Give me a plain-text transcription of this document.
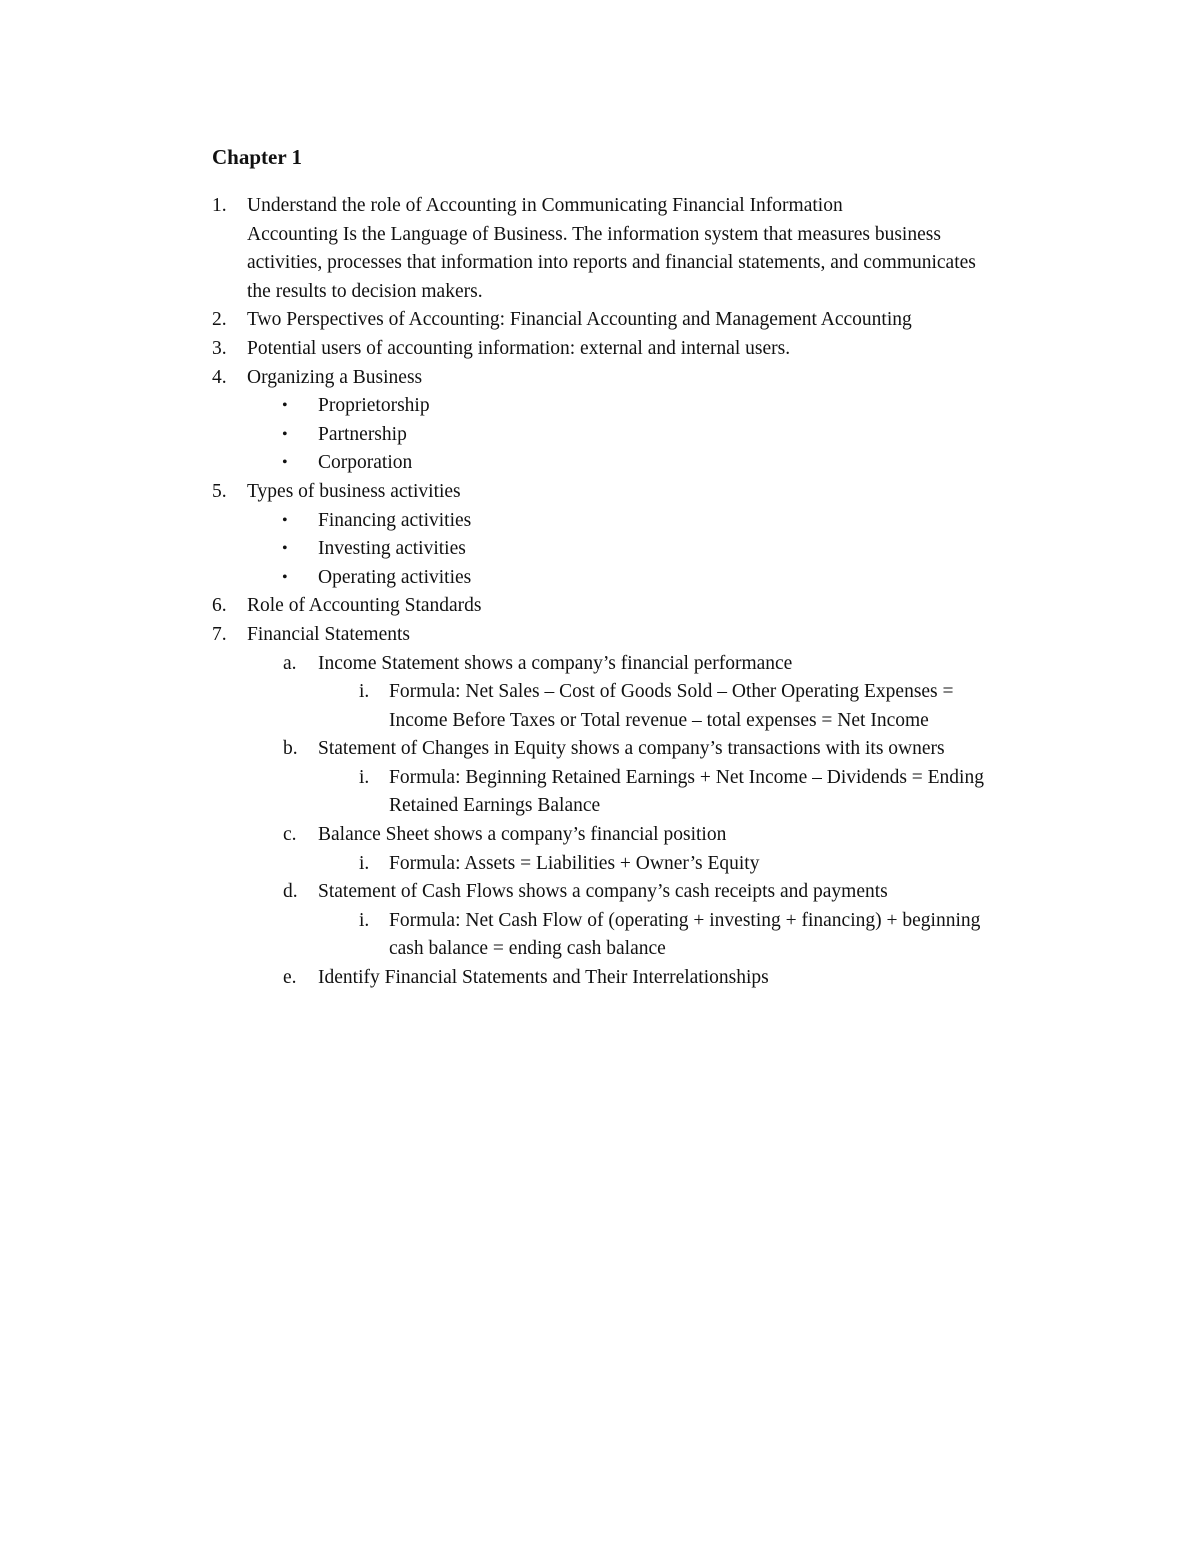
Chapter 1
1. Understand the role of Accounting in Communicating Financial Information
Accounting Is the Language of Business. The information system that measures business
activities, processes that information into reports and financial statements, and communicates
the results to decision makers.
2. Two Perspectives of Accounting: Financial Accounting and Management Accounting
3. Potential users of accounting information: external and internal users.
4. Organizing a Business
• Proprietorship
• Partnership
• Corporation
5. Types of business activities
• Financing activities
• Investing activities
• Operating activities
6. Role of Accounting Standards
7. Financial Statements
a. Income Statement shows a company’s financial performance
i. Formula: Net Sales – Cost of Goods Sold – Other Operating Expenses =
Income Before Taxes or Total revenue – total expenses = Net Income
b. Statement of Changes in Equity shows a company’s transactions with its owners
i. Formula: Beginning Retained Earnings + Net Income – Dividends = Ending
Retained Earnings Balance
c. Balance Sheet shows a company’s financial position
i. Formula: Assets = Liabilities + Owner’s Equity
d. Statement of Cash Flows shows a company’s cash receipts and payments
i. Formula: Net Cash Flow of (operating + investing + financing) + beginning
cash balance = ending cash balance
e. Identify Financial Statements and Their Interrelationships
